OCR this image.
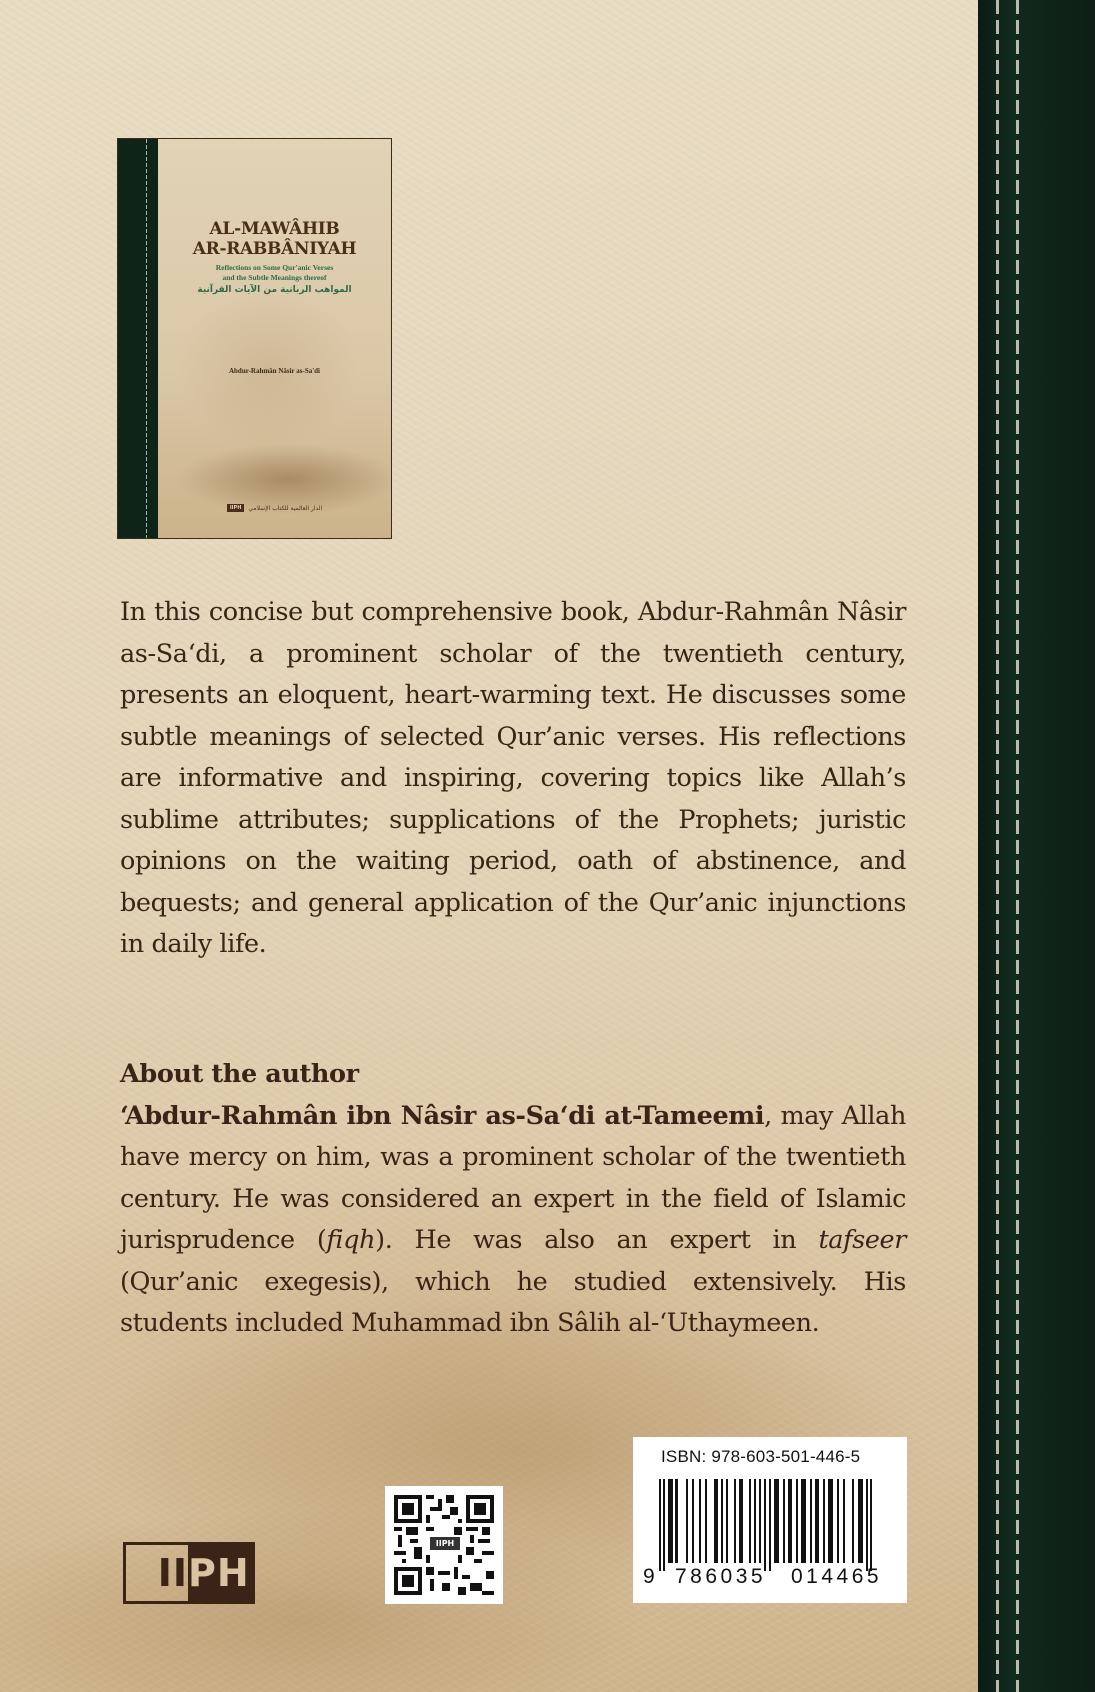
AL-MAWÂHIB
AR-RABBÂNIYAH
Reflections on Some Qur'anic Verses
and the Subtle Meanings thereof
المواهب الربانية من الآيات القرآنية
Abdur-Rahmân Nâsir as-Sa'di
الدار العالمية للكتاب الإسلامي
IIPH
In this concise but comprehensive book, Abdur-Rahmân Nâsir as-Sa‘di, a prominent scholar of the twentieth century, presents an eloquent, heart-warming text. He discusses some subtle meanings of selected Qur’anic verses. His reflections are informative and inspiring, covering topics like Allah’s sublime attributes; supplications of the Prophets; juristic opinions on the waiting period, oath of abstinence, and bequests; and general application of the Qur’anic injunctions in daily life.
About the author
‘Abdur-Rahmân ibn Nâsir as-Sa‘di at-Tameemi, may Allah have mercy on him, was a prominent scholar of the twentieth century. He was considered an expert in the field of Islamic jurisprudence (fiqh). He was also an expert in tafseer (Qur’anic exegesis), which he studied extensively. His students included Muhammad ibn Sâlih al-‘Uthaymeen.
II PH
IIPH
ISBN: 978-603-501-446-5
9 786035	014465
